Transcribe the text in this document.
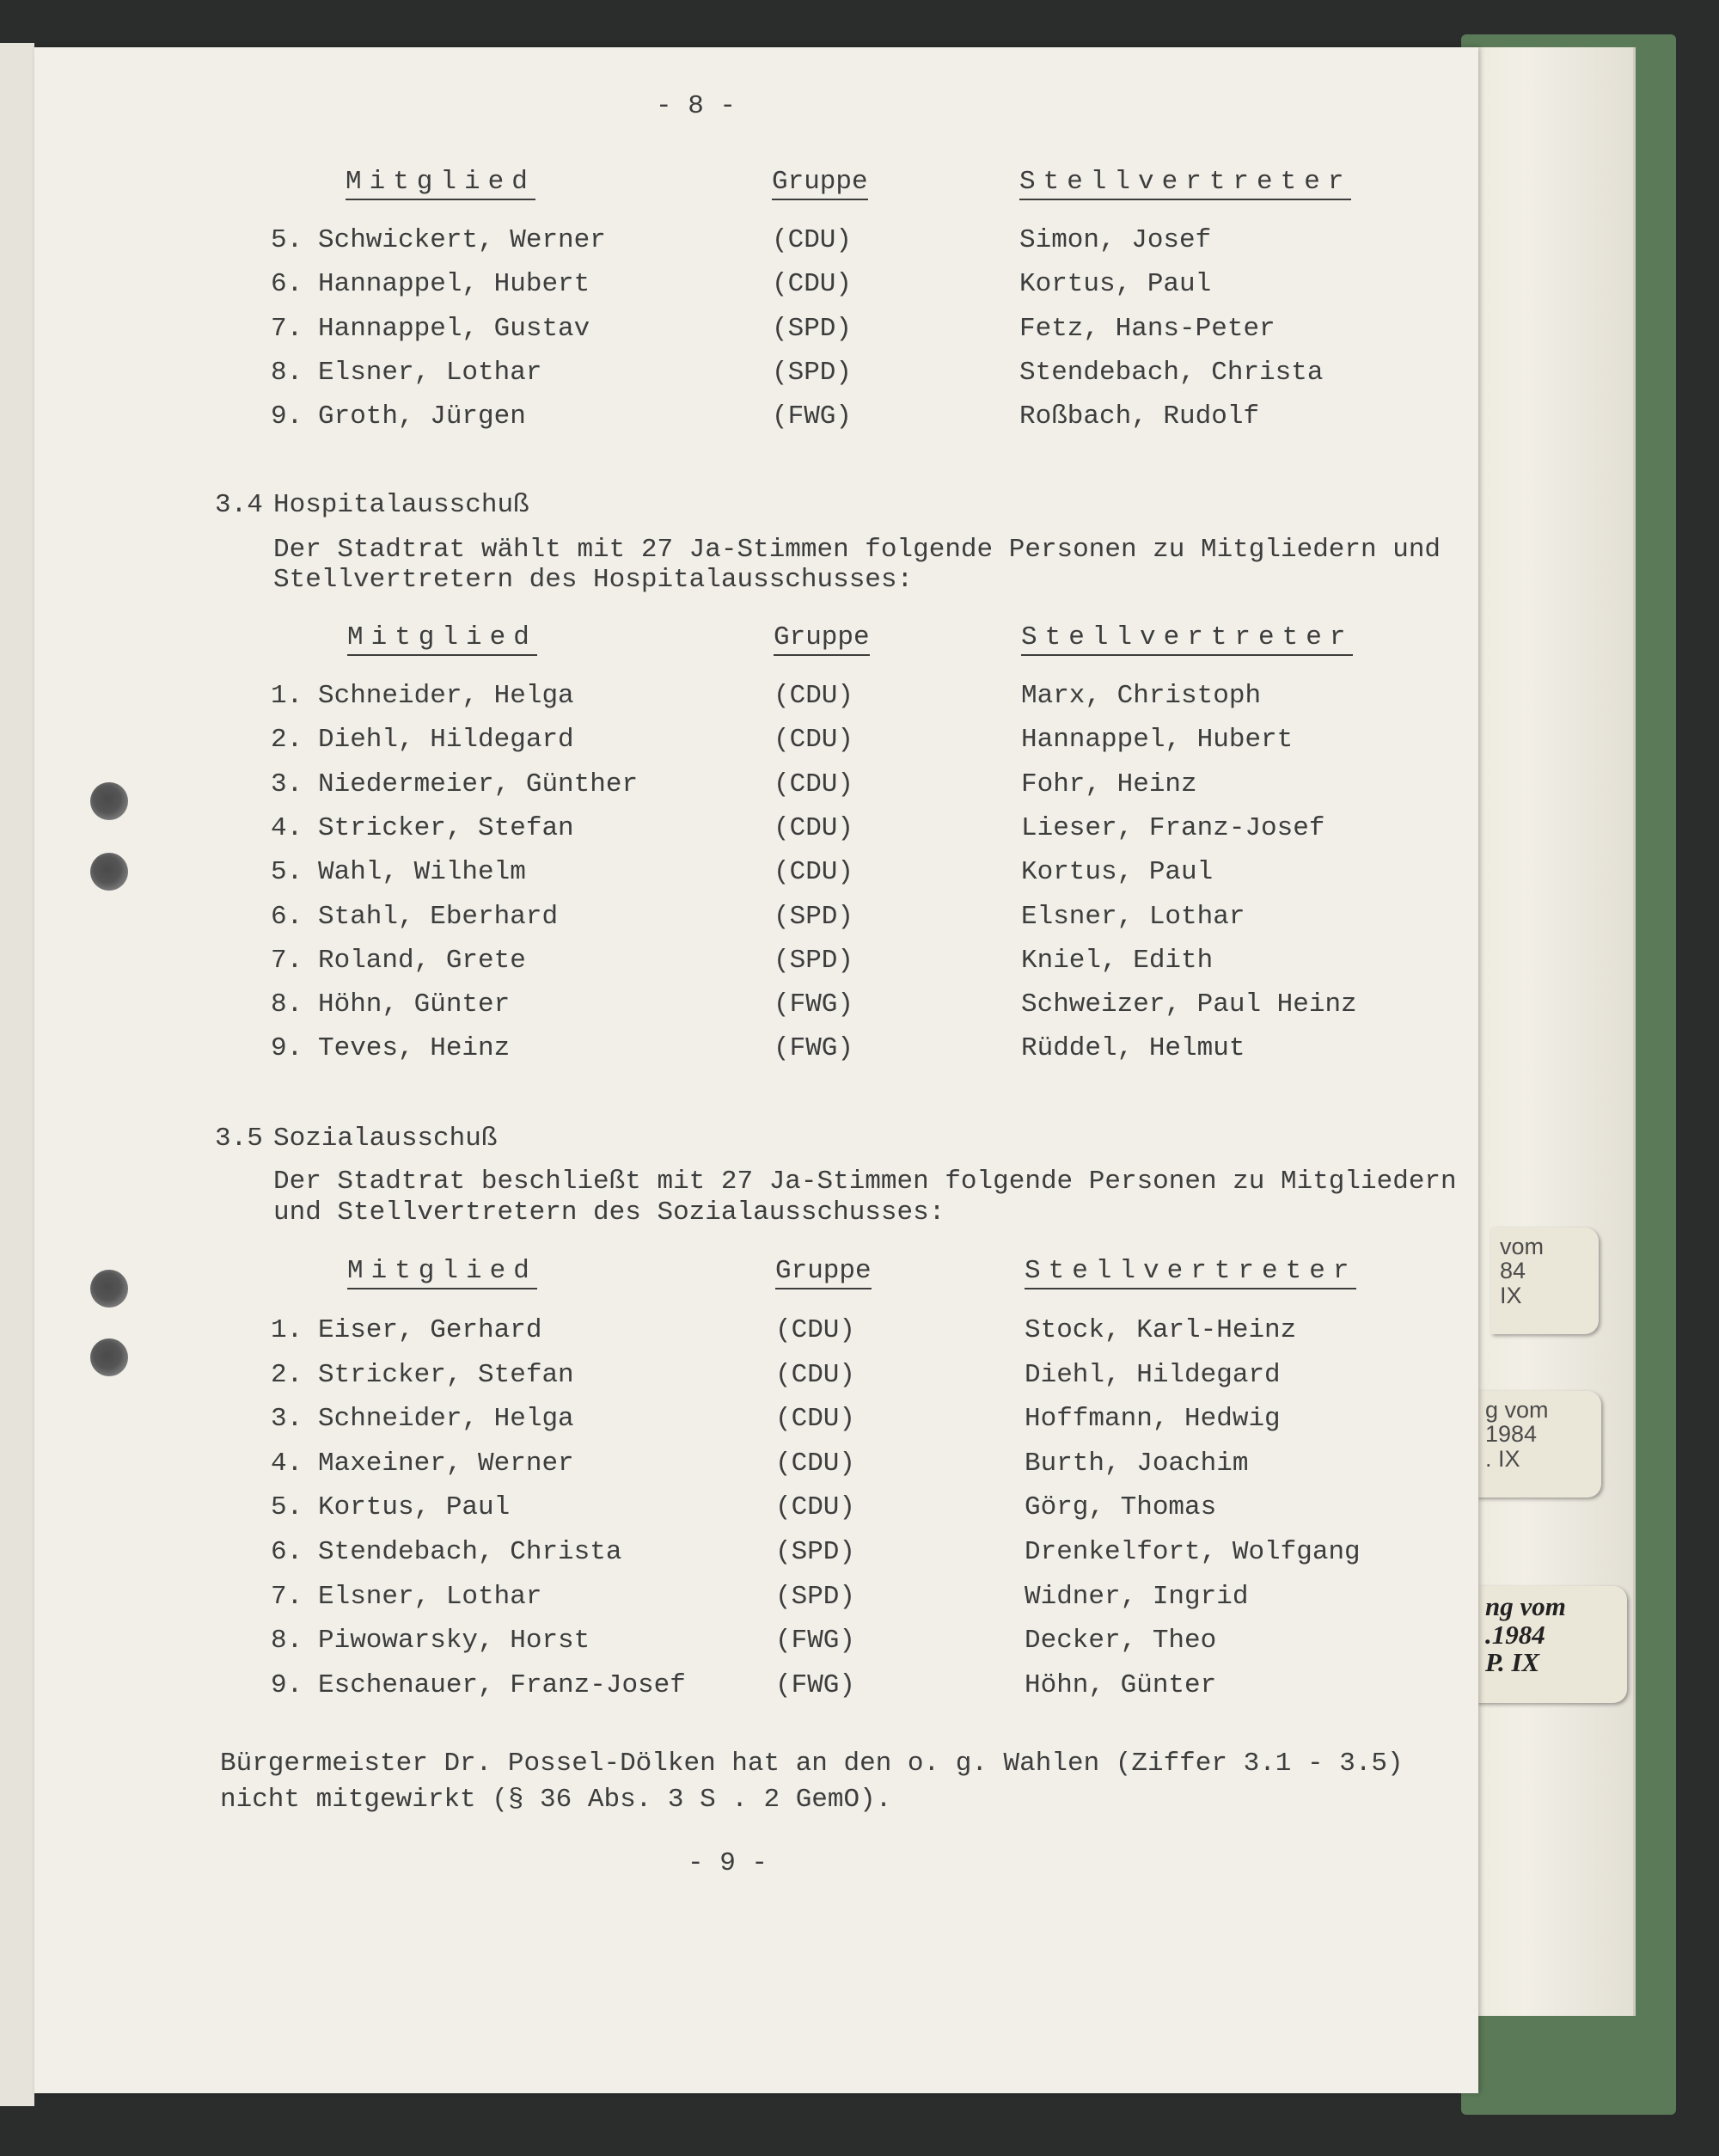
vom
84
IX
g vom
1984
. IX
ng vom
.1984
P. IX
- 8 -
Mitglied	Gruppe	Stellvertreter
5. Schwickert, Werner	(CDU)	Simon, Josef
6. Hannappel, Hubert	(CDU)	Kortus, Paul
7. Hannappel, Gustav	(SPD)	Fetz, Hans-Peter
8. Elsner, Lothar	(SPD)	Stendebach, Christa
9. Groth, Jürgen	(FWG)	Roßbach, Rudolf
3.4 Hospitalausschuß
Der Stadtrat wählt mit 27 Ja-Stimmen folgende Personen zu Mitgliedern und
Stellvertretern des Hospitalausschusses:
Mitglied	Gruppe	Stellvertreter
1. Schneider, Helga	(CDU)	Marx, Christoph
2. Diehl, Hildegard	(CDU)	Hannappel, Hubert
3. Niedermeier, Günther	(CDU)	Fohr, Heinz
4. Stricker, Stefan	(CDU)	Lieser, Franz-Josef
5. Wahl, Wilhelm	(CDU)	Kortus, Paul
6. Stahl, Eberhard	(SPD)	Elsner, Lothar
7. Roland, Grete	(SPD)	Kniel, Edith
8. Höhn, Günter	(FWG)	Schweizer, Paul Heinz
9. Teves, Heinz	(FWG)	Rüddel, Helmut
3.5 Sozialausschuß
Der Stadtrat beschließt mit 27 Ja-Stimmen folgende Personen zu Mitgliedern
und Stellvertretern des Sozialausschusses:
Mitglied	Gruppe	Stellvertreter
1. Eiser, Gerhard	(CDU)	Stock, Karl-Heinz
2. Stricker, Stefan	(CDU)	Diehl, Hildegard
3. Schneider, Helga	(CDU)	Hoffmann, Hedwig
4. Maxeiner, Werner	(CDU)	Burth, Joachim
5. Kortus, Paul	(CDU)	Görg, Thomas
6. Stendebach, Christa	(SPD)	Drenkelfort, Wolfgang
7. Elsner, Lothar	(SPD)	Widner, Ingrid
8. Piwowarsky, Horst	(FWG)	Decker, Theo
9. Eschenauer, Franz-Josef	(FWG)	Höhn, Günter
Bürgermeister Dr. Possel-Dölken hat an den o. g. Wahlen (Ziffer 3.1 - 3.5)
nicht mitgewirkt (§ 36 Abs. 3 S . 2 GemO).
- 9 -
